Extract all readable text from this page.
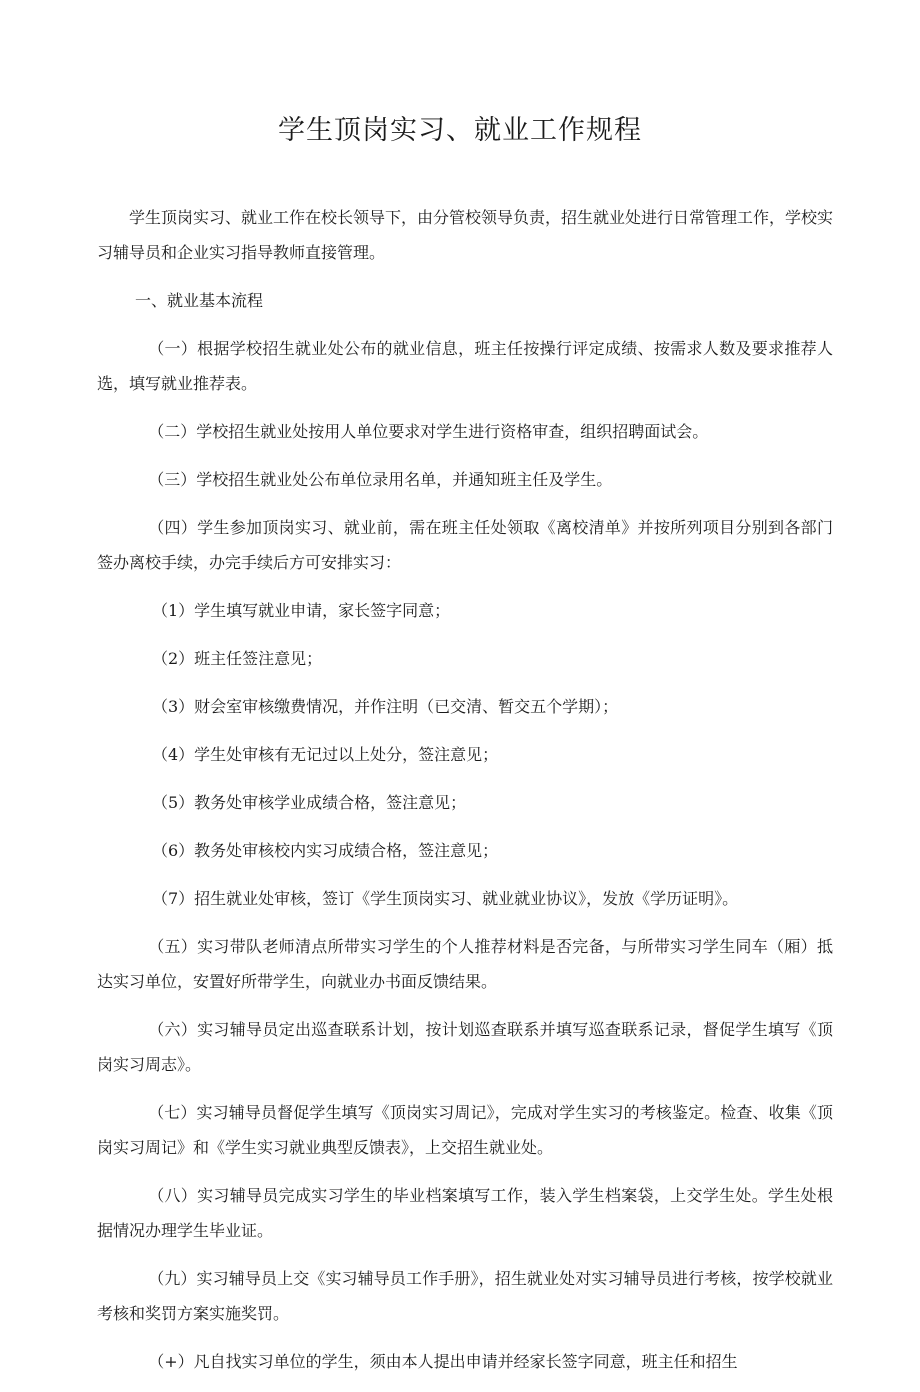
学生顶岗实习、就业工作规程

学生顶岗实习、就业工作在校长领导下，由分管校领导负责，招生就业处进行日常管理工作，学校实习辅导员和企业实习指导教师直接管理。

一、就业基本流程

（一）根据学校招生就业处公布的就业信息，班主任按操行评定成绩、按需求人数及要求推荐人选，填写就业推荐表。

（二）学校招生就业处按用人单位要求对学生进行资格审查，组织招聘面试会。

（三）学校招生就业处公布单位录用名单，并通知班主任及学生。

（四）学生参加顶岗实习、就业前，需在班主任处领取《离校清单》并按所列项目分别到各部门签办离校手续，办完手续后方可安排实习：

（1）学生填写就业申请，家长签字同意；

（2）班主任签注意见；

（3）财会室审核缴费情况，并作注明（已交清、暂交五个学期）；

（4）学生处审核有无记过以上处分，签注意见；

（5）教务处审核学业成绩合格，签注意见；

（6）教务处审核校内实习成绩合格，签注意见；

（7）招生就业处审核，签订《学生顶岗实习、就业就业协议》，发放《学历证明》。

（五）实习带队老师清点所带实习学生的个人推荐材料是否完备，与所带实习学生同车（厢）抵达实习单位，安置好所带学生，向就业办书面反馈结果。

（六）实习辅导员定出巡查联系计划，按计划巡查联系并填写巡查联系记录，督促学生填写《顶岗实习周志》。

（七）实习辅导员督促学生填写《顶岗实习周记》，完成对学生实习的考核鉴定。检查、收集《顶岗实习周记》和《学生实习就业典型反馈表》，上交招生就业处。

（八）实习辅导员完成实习学生的毕业档案填写工作，装入学生档案袋，上交学生处。学生处根据情况办理学生毕业证。

（九）实习辅导员上交《实习辅导员工作手册》，招生就业处对实习辅导员进行考核，按学校就业考核和奖罚方案实施奖罚。

（+）凡自找实习单位的学生，须由本人提出申请并经家长签字同意，班主任和招生
